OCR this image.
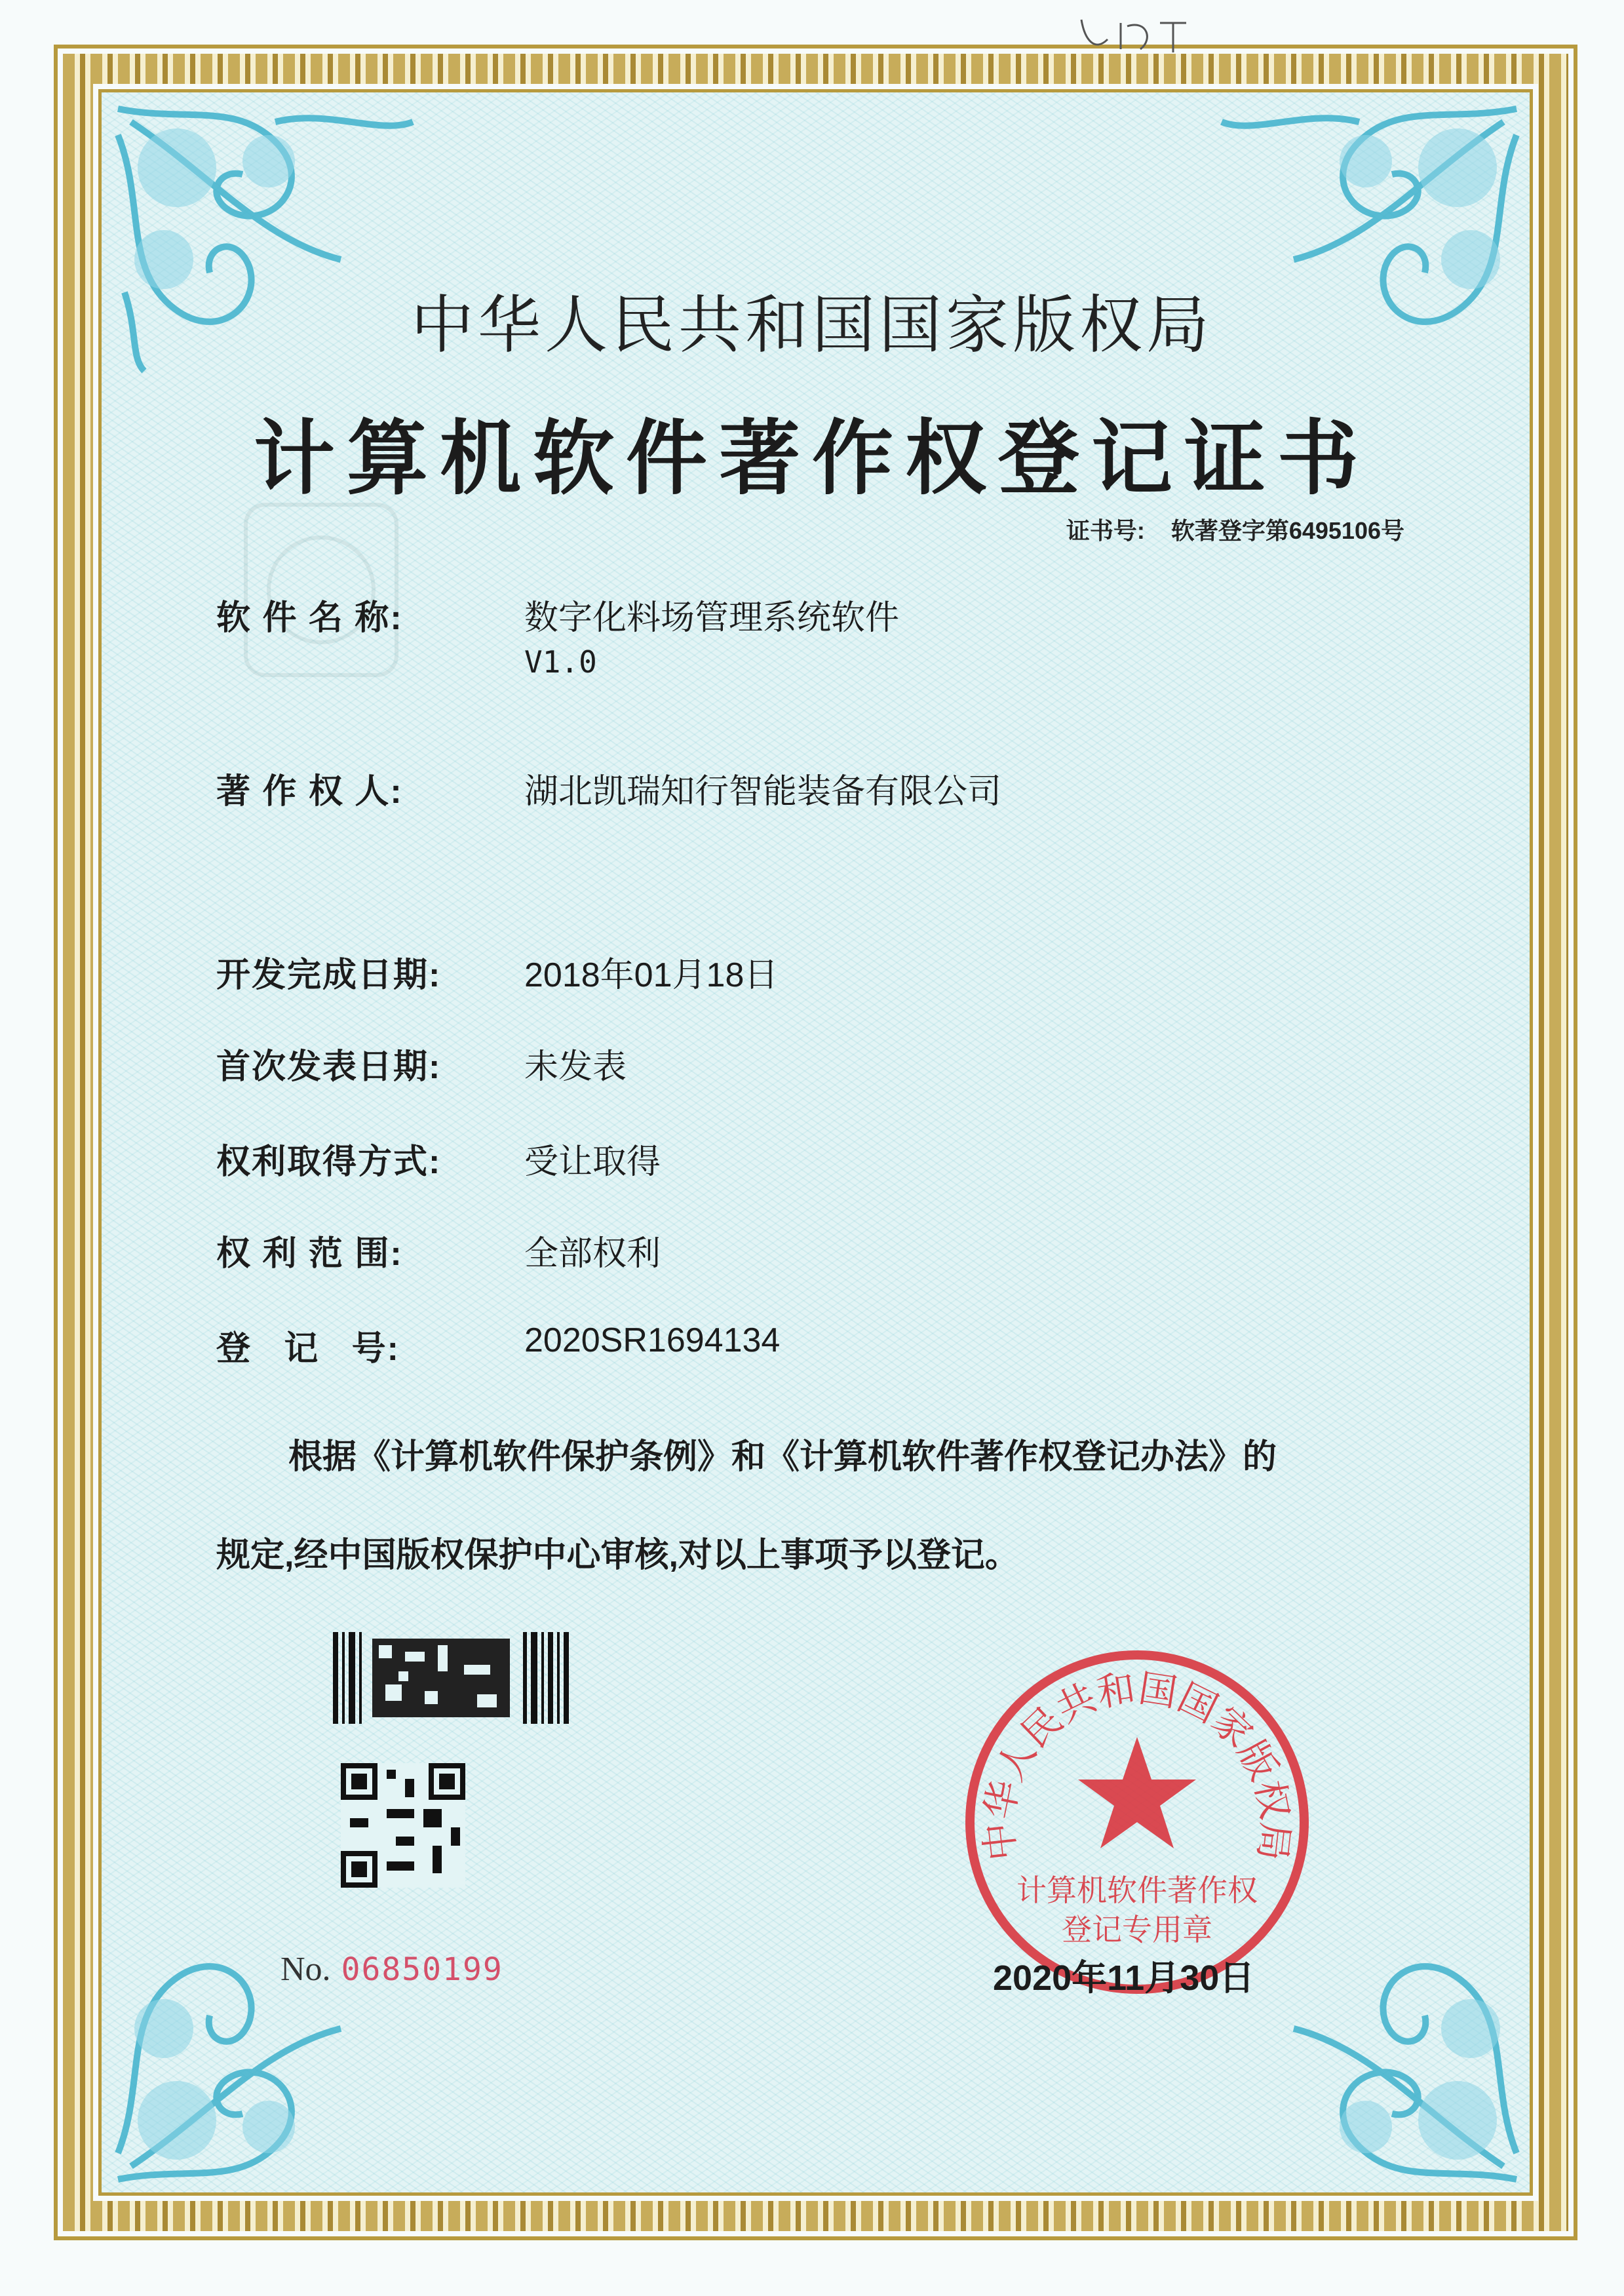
中华人民共和国国家版权局
计算机软件著作权登记证书
证书号: 软著登字第6495106号
软 件 名 称:	数字化料场管理系统软件
V1.0
著 作 权 人:	湖北凯瑞知行智能装备有限公司
开发完成日期: 2018年01月18日
首次发表日期: 未发表
权利取得方式: 受让取得
权 利 范 围:	全部权利
登   记   号:	2020SR1694134
根据《计算机软件保护条例》和《计算机软件著作权登记办法》的
规定,经中国版权保护中心审核,对以上事项予以登记。
No. 06850199
中华人民共和国国家版权局
计算机软件著作权
登记专用章
2020年11月30日
